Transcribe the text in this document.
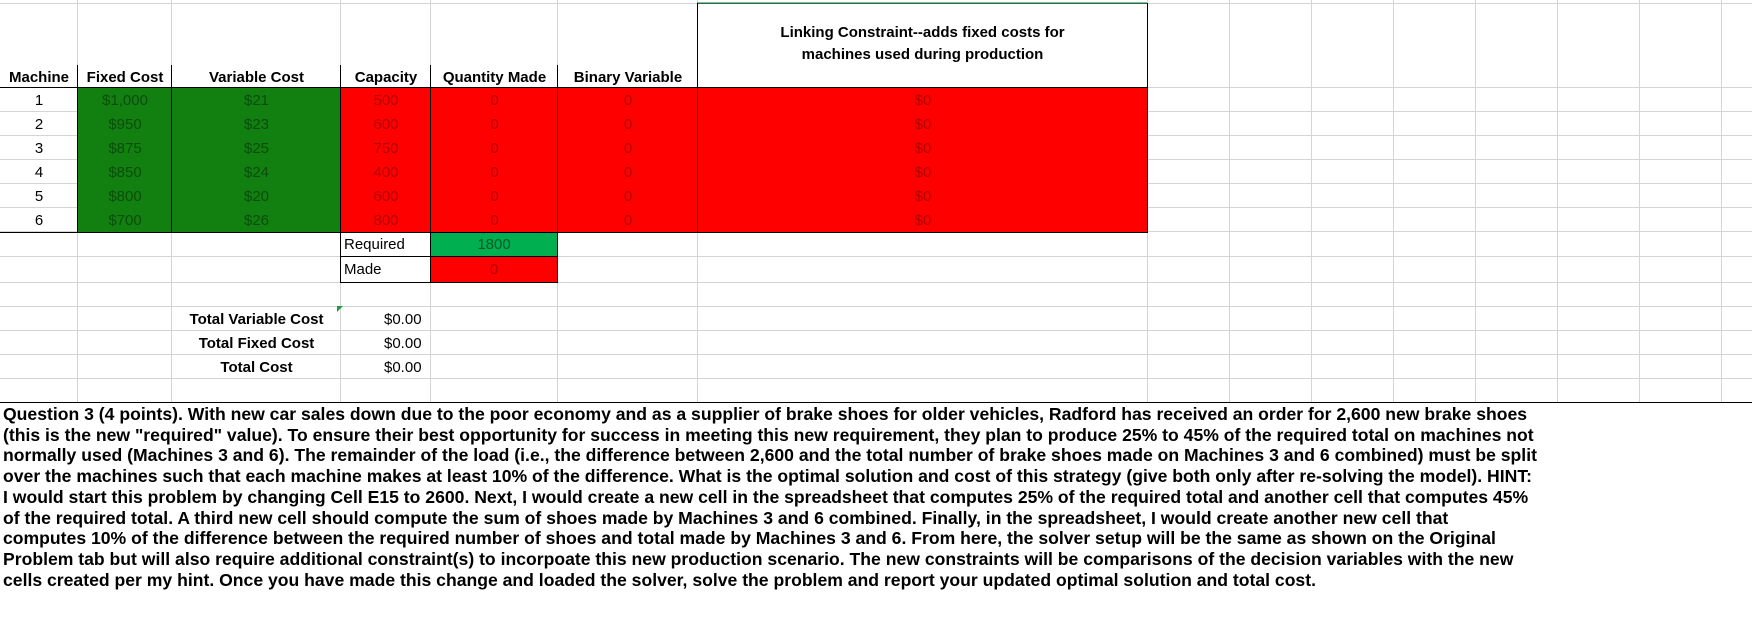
Machine	Fixed Cost	Variable Cost	Capacity	Quantity Made	Binary Variable
Linking Constraint--adds fixed costs for machines used during production
1	$1,000	$21	500	0	0	$0
2	$950	$23	600	0	0	$0
3	$875	$25	750	0	0	$0
4	$850	$24	400	0	0	$0
5	$800	$20	600	0	0	$0
6	$700	$26	800	0	0	$0
Required	1800
Made	0
Total Variable Cost	$0.00
Total Fixed Cost	$0.00
Total Cost	$0.00
Question 3 (4 points). With new car sales down due to the poor economy and as a supplier of brake shoes for older vehicles, Radford has received an order for 2,600 new brake shoes
(this is the new "required" value). To ensure their best opportunity for success in meeting this new requirement, they plan to produce 25% to 45% of the required total on machines not
normally used (Machines 3 and 6). The remainder of the load (i.e., the difference between 2,600 and the total number of brake shoes made on Machines 3 and 6 combined) must be split
over the machines such that each machine makes at least 10% of the difference. What is the optimal solution and cost of this strategy (give both only after re-solving the model). HINT:
I would start this problem by changing Cell E15 to 2600. Next, I would create a new cell in the spreadsheet that computes 25% of the required total and another cell that computes 45%
of the required total. A third new cell should compute the sum of shoes made by Machines 3 and 6 combined. Finally, in the spreadsheet, I would create another new cell that
computes 10% of the difference between the required number of shoes and total made by Machines 3 and 6. From here, the solver setup will be the same as shown on the Original
Problem tab but will also require additional constraint(s) to incorpoate this new production scenario. The new constraints will be comparisons of the decision variables with the new
cells created per my hint. Once you have made this change and loaded the solver, solve the problem and report your updated optimal solution and total cost.
